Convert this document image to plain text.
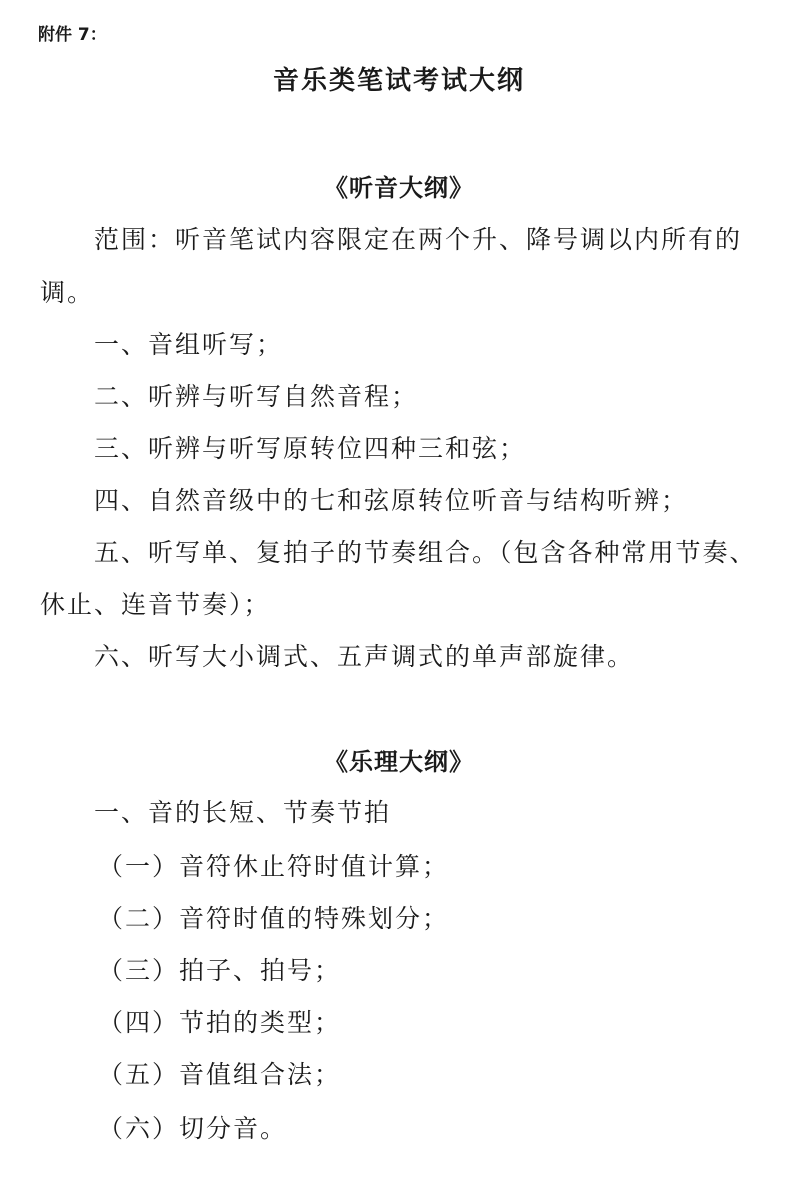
附件 7：
音乐类笔试考试大纲
《听音大纲》
范围：听音笔试内容限定在两个升、降号调以内所有的
调。
一、音组听写；
二、听辨与听写自然音程；
三、听辨与听写原转位四种三和弦；
四、自然音级中的七和弦原转位听音与结构听辨；
五、听写单、复拍子的节奏组合。（包含各种常用节奏、
休止、连音节奏）；
六、听写大小调式、五声调式的单声部旋律。
《乐理大纲》
一、音的长短、节奏节拍
（一）音符休止符时值计算；
（二）音符时值的特殊划分；
（三）拍子、拍号；
（四）节拍的类型；
（五）音值组合法；
（六）切分音。
